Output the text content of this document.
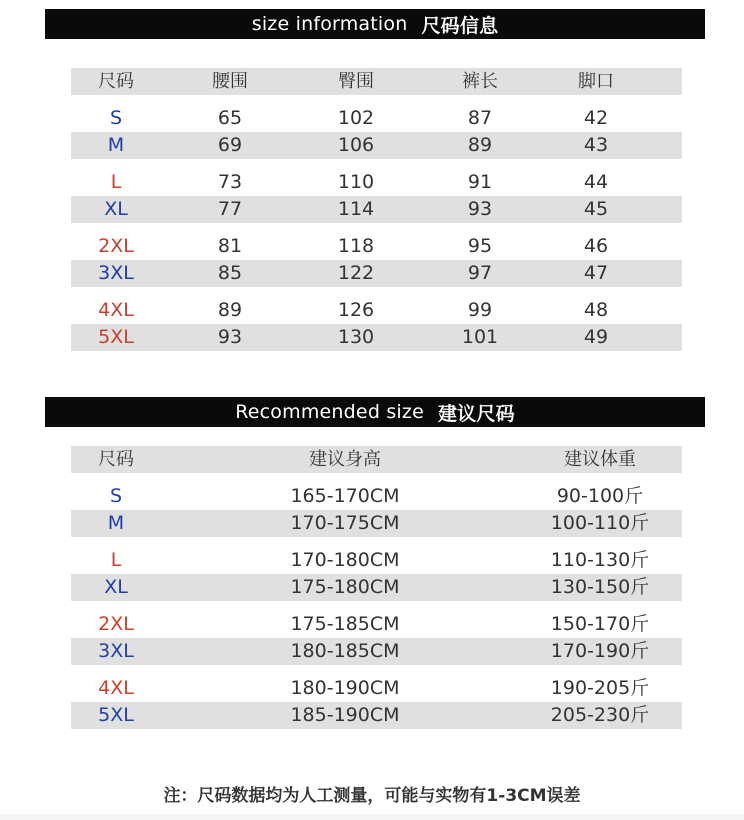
size information 尺码信息
尺码	腰围	臀围	裤长	脚口
S	65	102	87	42
M	69	106	89	43
L	73	110	91	44
XL	77	114	93	45
2XL	81	118	95	46
3XL	85	122	97	47
4XL	89	126	99	48
5XL	93	130	101	49
Recommended size 建议尺码
尺码	建议身高	建议体重
S	165-170CM	90-100斤
M	170-175CM	100-110斤
L	170-180CM	110-130斤
XL	175-180CM	130-150斤
2XL	175-185CM	150-170斤
3XL	180-185CM	170-190斤
4XL	180-190CM	190-205斤
5XL	185-190CM	205-230斤
注：尺码数据均为人工测量，可能与实物有1-3CM误差
